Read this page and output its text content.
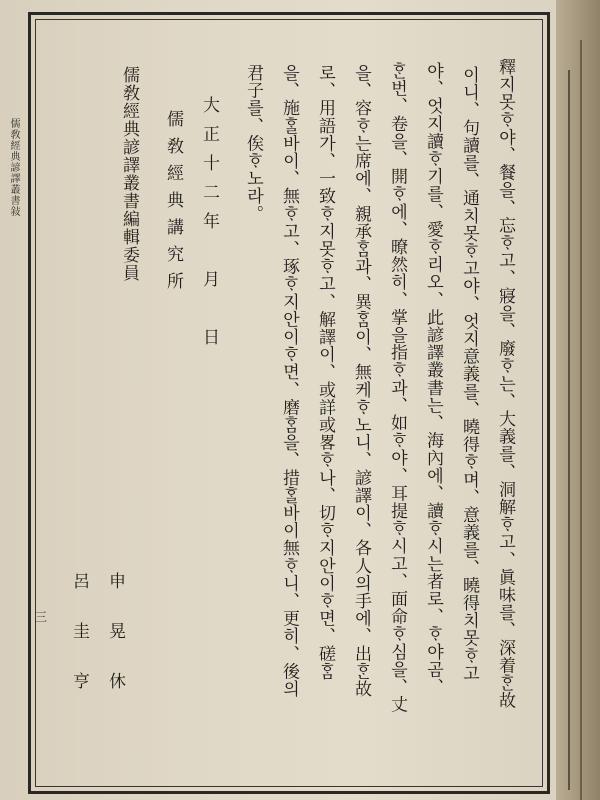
儒敎經典諺譯叢書敍
三	釋지못ᄒᆞ야、餐을、忘ᄒᆞ고、寢을、廢ᄒᆞ는、大義를、洞解ᄒᆞ고、眞味를、深着ᄒᆞᆫ故
이니、句讀를、通치못ᄒᆞ고야、엇지意義를、曉得ᄒᆞ며、意義를、曉得치못ᄒᆞ고
야、엇지讀ᄒᆞ기를、愛ᄒᆞ리오、此諺譯叢書는、海內에、讀ᄒᆞ시는者로、ᄒᆞ야곰、
ᄒᆞᆫ번、卷을、開ᄒᆞ에、暸然히、掌을指ᄒᆞ과、如ᄒᆞ야、耳提ᄒᆞ시고、面命ᄒᆞ심을、丈
을、容ᄒᆞ는席에、親承ᄒᆞᆷ과、異ᄒᆞᆷ이、無케ᄒᆞ노니、諺譯이、各人의手에、出ᄒᆞᆫ故
로、用語가、一致ᄒᆞ지못ᄒᆞ고、解譯이、或詳或畧ᄒᆞ나、切ᄒᆞ지안이ᄒᆞ면、磋ᄒᆞᆷ
을、施ᄒᆞᆯ바이、無ᄒᆞ고、琢ᄒᆞ지안이ᄒᆞ면、磨ᄒᆞᆷ을、措ᄒᆞᆯ바이無ᄒᆞ니、更히、後의
君子를、俟ᄒᆞ노라。
大正十二年　月　日
儒敎經典講究所
儒敎經典諺譯叢書編輯委員
申　晃　休
呂　圭　亨
